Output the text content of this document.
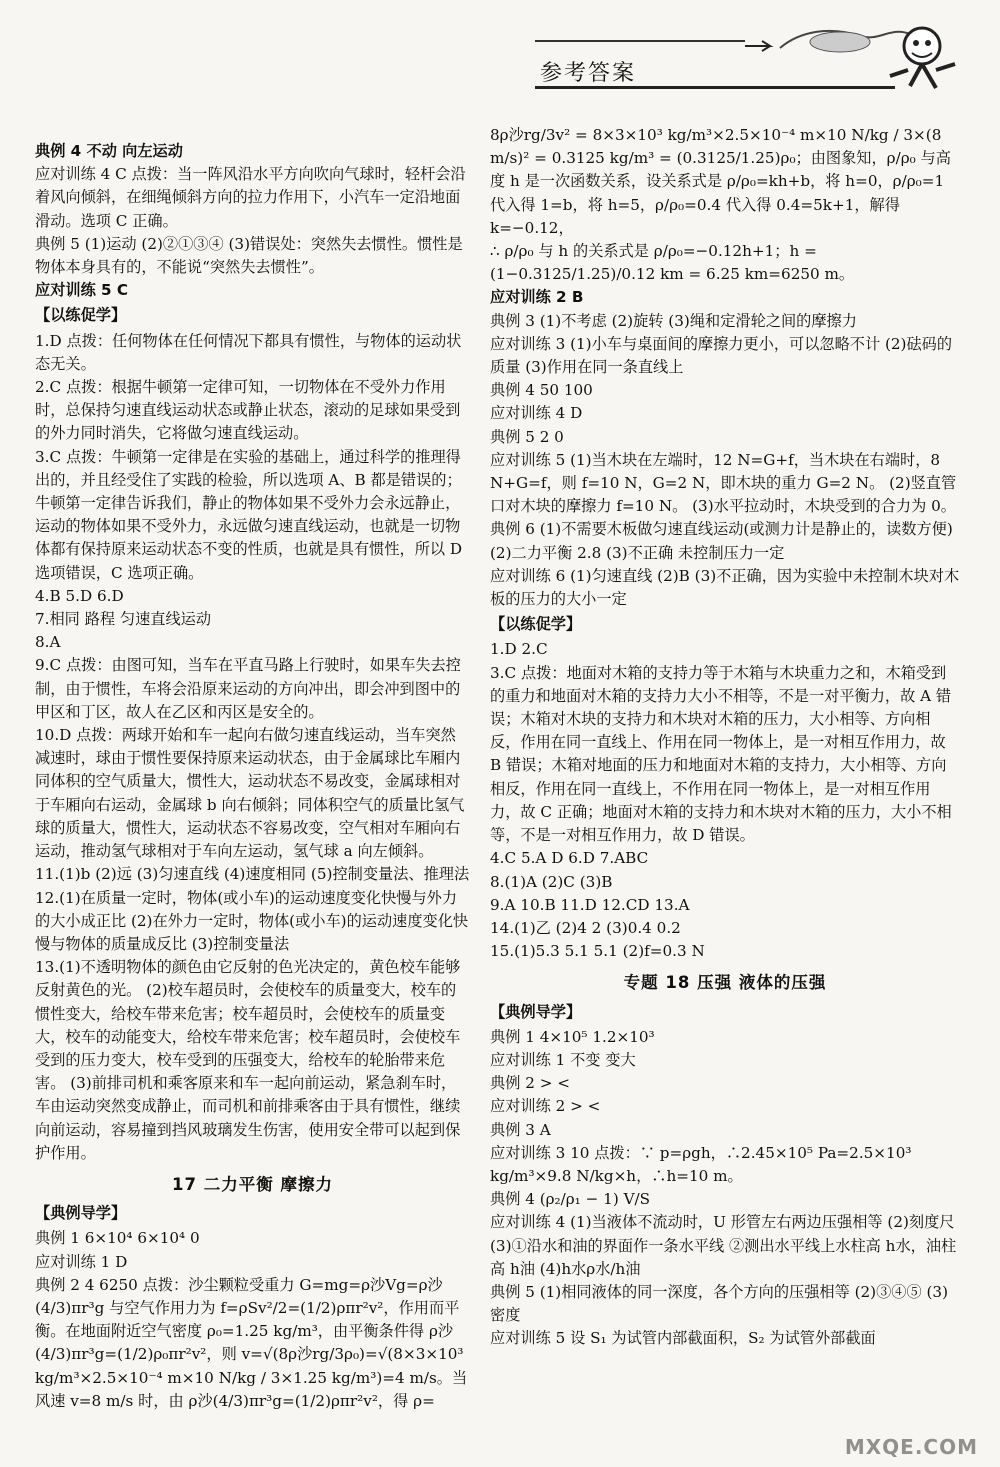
参考答案
典例 4 不动 向左运动
应对训练 4 C 点拨：当一阵风沿水平方向吹向气球时，轻杆会沿着风向倾斜，在细绳倾斜方向的拉力作用下，小汽车一定沿地面滑动。选项 C 正确。
典例 5 (1)运动 (2)②①③④ (3)错误处：突然失去惯性。惯性是物体本身具有的，不能说“突然失去惯性”。
应对训练 5 C
【以练促学】
1.D 点拨：任何物体在任何情况下都具有惯性，与物体的运动状态无关。
2.C 点拨：根据牛顿第一定律可知，一切物体在不受外力作用时，总保持匀速直线运动状态或静止状态，滚动的足球如果受到的外力同时消失，它将做匀速直线运动。
3.C 点拨：牛顿第一定律是在实验的基础上，通过科学的推理得出的，并且经受住了实践的检验，所以选项 A、B 都是错误的；牛顿第一定律告诉我们，静止的物体如果不受外力会永远静止，运动的物体如果不受外力，永远做匀速直线运动，也就是一切物体都有保持原来运动状态不变的性质，也就是具有惯性，所以 D 选项错误，C 选项正确。
4.B 5.D 6.D
7.相同 路程 匀速直线运动
8.A
9.C 点拨：由图可知，当车在平直马路上行驶时，如果车失去控制，由于惯性，车将会沿原来运动的方向冲出，即会冲到图中的甲区和丁区，故人在乙区和丙区是安全的。
10.D 点拨：两球开始和车一起向右做匀速直线运动，当车突然减速时，球由于惯性要保持原来运动状态，由于金属球比车厢内同体积的空气质量大，惯性大，运动状态不易改变，金属球相对于车厢向右运动，金属球 b 向右倾斜；同体积空气的质量比氢气球的质量大，惯性大，运动状态不容易改变，空气相对车厢向右运动，推动氢气球相对于车向左运动，氢气球 a 向左倾斜。
11.(1)b (2)远 (3)匀速直线 (4)速度相同 (5)控制变量法、推理法
12.(1)在质量一定时，物体(或小车)的运动速度变化快慢与外力的大小成正比 (2)在外力一定时，物体(或小车)的运动速度变化快慢与物体的质量成反比 (3)控制变量法
13.(1)不透明物体的颜色由它反射的色光决定的，黄色校车能够反射黄色的光。 (2)校车超员时，会使校车的质量变大，校车的惯性变大，给校车带来危害；校车超员时，会使校车的质量变大，校车的动能变大，给校车带来危害；校车超员时，会使校车受到的压力变大，校车受到的压强变大，给校车的轮胎带来危害。 (3)前排司机和乘客原来和车一起向前运动，紧急刹车时，车由运动突然变成静止，而司机和前排乘客由于具有惯性，继续向前运动，容易撞到挡风玻璃发生伤害，使用安全带可以起到保护作用。
17 二力平衡 摩擦力
【典例导学】
典例 1 6×10⁴ 6×10⁴ 0
应对训练 1 D
典例 2 4 6250 点拨：沙尘颗粒受重力 G=mg=ρ沙Vg=ρ沙(4/3)πr³g 与空气作用力为 f=ρSv²/2=(1/2)ρπr²v²，作用而平衡。在地面附近空气密度 ρ₀=1.25 kg/m³，由平衡条件得 ρ沙(4/3)πr³g=(1/2)ρ₀πr²v²，则 v=√(8ρ沙rg/3ρ₀)=√(8×3×10³ kg/m³×2.5×10⁻⁴ m×10 N/kg / 3×1.25 kg/m³)=4 m/s。当风速 v=8 m/s 时，由 ρ沙(4/3)πr³g=(1/2)ρπr²v²，得 ρ=
8ρ沙rg/3v² = 8×3×10³ kg/m³×2.5×10⁻⁴ m×10 N/kg / 3×(8 m/s)² = 0.3125 kg/m³ = (0.3125/1.25)ρ₀；由图象知，ρ/ρ₀ 与高度 h 是一次函数关系，设关系式是 ρ/ρ₀=kh+b，将 h=0，ρ/ρ₀=1 代入得 1=b，将 h=5，ρ/ρ₀=0.4 代入得 0.4=5k+1，解得 k=−0.12，
∴ ρ/ρ₀ 与 h 的关系式是 ρ/ρ₀=−0.12h+1；h = (1−0.3125/1.25)/0.12 km = 6.25 km=6250 m。
应对训练 2 B
典例 3 (1)不考虑 (2)旋转 (3)绳和定滑轮之间的摩擦力
应对训练 3 (1)小车与桌面间的摩擦力更小，可以忽略不计 (2)砝码的质量 (3)作用在同一条直线上
典例 4 50 100
应对训练 4 D
典例 5 2 0
应对训练 5 (1)当木块在左端时，12 N=G+f，当木块在右端时，8 N+G=f，则 f=10 N，G=2 N，即木块的重力 G=2 N。 (2)竖直管口对木块的摩擦力 f=10 N。 (3)水平拉动时，木块受到的合力为 0。
典例 6 (1)不需要木板做匀速直线运动(或测力计是静止的，读数方便) (2)二力平衡 2.8 (3)不正确 未控制压力一定
应对训练 6 (1)匀速直线 (2)B (3)不正确，因为实验中未控制木块对木板的压力的大小一定
【以练促学】
1.D 2.C
3.C 点拨：地面对木箱的支持力等于木箱与木块重力之和，木箱受到的重力和地面对木箱的支持力大小不相等，不是一对平衡力，故 A 错误；木箱对木块的支持力和木块对木箱的压力，大小相等、方向相反，作用在同一直线上、作用在同一物体上，是一对相互作用力，故 B 错误；木箱对地面的压力和地面对木箱的支持力，大小相等、方向相反，作用在同一直线上，不作用在同一物体上，是一对相互作用力，故 C 正确；地面对木箱的支持力和木块对木箱的压力，大小不相等，不是一对相互作用力，故 D 错误。
4.C 5.A D 6.D 7.ABC
8.(1)A (2)C (3)B
9.A 10.B 11.D 12.CD 13.A
14.(1)乙 (2)4 2 (3)0.4 0.2
15.(1)5.3 5.1 5.1 (2)f=0.3 N
专题 18 压强 液体的压强
【典例导学】
典例 1 4×10⁵ 1.2×10³
应对训练 1 不变 变大
典例 2 > <
应对训练 2 > <
典例 3 A
应对训练 3 10 点拨：∵ p=ρgh，∴2.45×10⁵ Pa=2.5×10³ kg/m³×9.8 N/kg×h，∴h=10 m。
典例 4 (ρ₂/ρ₁ − 1) V/S
应对训练 4 (1)当液体不流动时，U 形管左右两边压强相等 (2)刻度尺 (3)①沿水和油的界面作一条水平线 ②测出水平线上水柱高 h水，油柱高 h油 (4)h水ρ水/h油
典例 5 (1)相同液体的同一深度，各个方向的压强相等 (2)③④⑤ (3)密度
应对训练 5 设 S₁ 为试管内部截面积，S₂ 为试管外部截面
MXQE.COM
